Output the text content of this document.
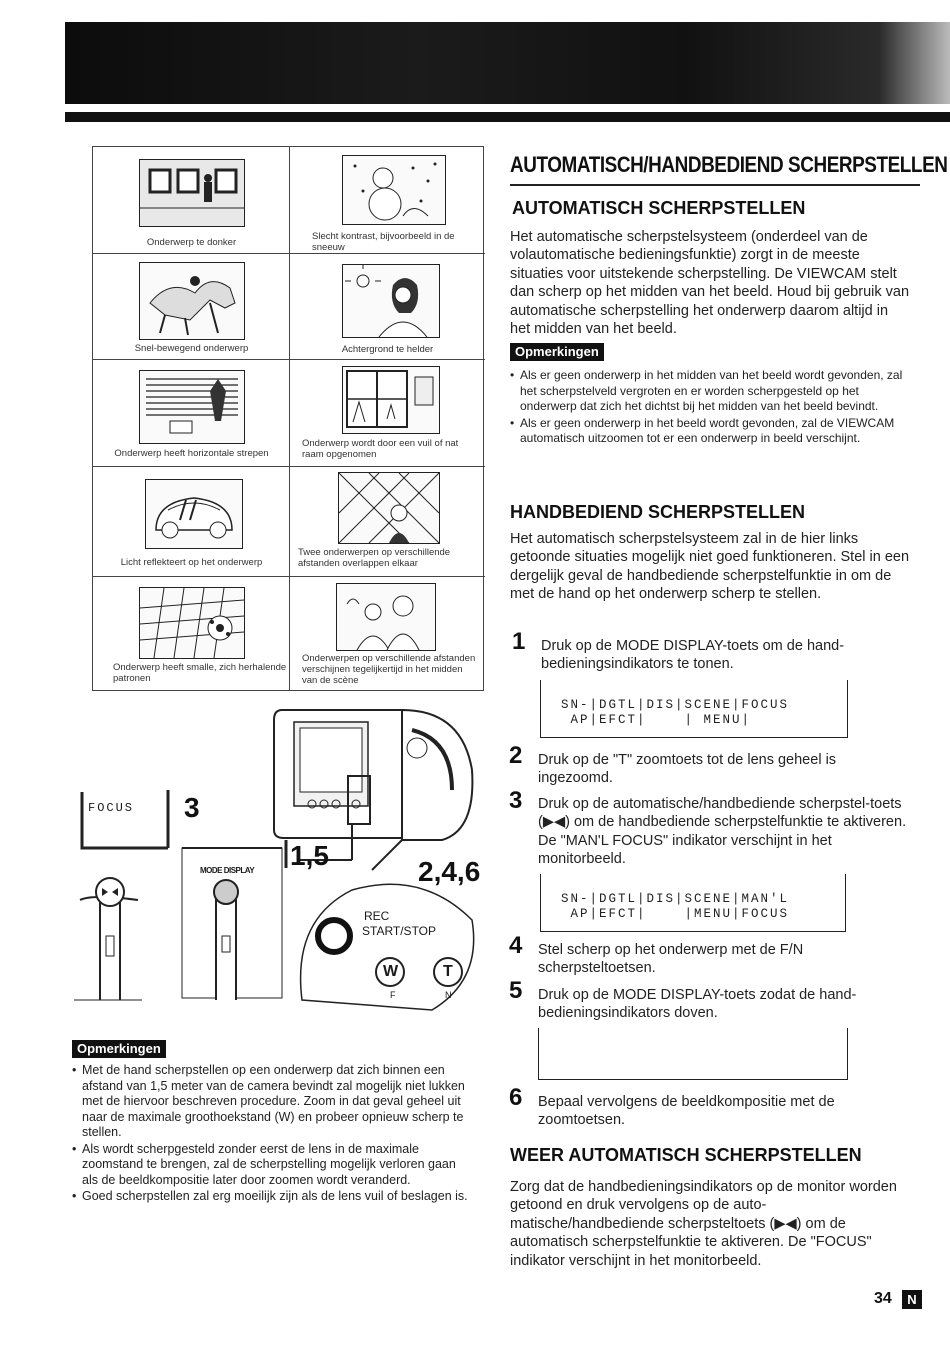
Onderwerp te donker
Slecht kontrast, bijvoorbeeld in de sneeuw
Snel-bewegend onderwerp	Achtergrond te helder
Onderwerp heeft horizontale strepen
Onderwerp wordt door een vuil of nat raam opgenomen
Licht reflekteert op het onderwerp
Twee onderwerpen op verschillende afstanden overlappen elkaar
Onderwerp heeft smalle, zich herhalende patronen
Onderwerpen op verschillende afstanden verschijnen tegelijkertijd in het midden van de scène
FOCUS 3
1,5
2,4,6
MODE DISPLAY
REC
START/STOP
W	T
F	N
Opmerkingen
• Met de hand scherpstellen op een onderwerp dat zich binnen een afstand van 1,5 meter van de camera bevindt zal mogelijk niet lukken met de hiervoor beschreven procedure. Zoom in dat geval geheel uit naar de maximale groothoekstand (W) en probeer opnieuw scherp te stellen.
• Als wordt scherpgesteld zonder eerst de lens in de maximale zoomstand te brengen, zal de scherpstelling mogelijk verloren gaan als de beeldkompositie later door zoomen wordt veranderd.
• Goed scherpstellen zal erg moeilijk zijn als de lens vuil of beslagen is.
AUTOMATISCH/HANDBEDIEND SCHERPSTELLEN
AUTOMATISCH SCHERPSTELLEN

Het automatische scherpstelsysteem (onderdeel van de volautomatische bedieningsfunktie) zorgt in de meeste situaties voor uitstekende scherpstelling. De VIEWCAM stelt dan scherp op het midden van het beeld. Houd bij gebruik van automatische scherpstelling het onderwerp daarom altijd in het midden van het beeld.

Opmerkingen
• Als er geen onderwerp in het midden van het beeld wordt gevonden, zal het scherpstelveld vergroten en er worden scherpgesteld op het onderwerp dat zich het dichtst bij het midden van het beeld bevindt.
• Als er geen onderwerp in het beeld wordt gevonden, zal de VIEWCAM automatisch uitzoomen tot er een onderwerp in beeld verschijnt.
HANDBEDIEND SCHERPSTELLEN

Het automatisch scherpstelsysteem zal in de hier links getoonde situaties mogelijk niet goed funktioneren. Stel in een dergelijk geval de handbediende scherpstelfunktie in om de met de hand op het onderwerp scherp te stellen.

1 Druk op de MODE DISPLAY-toets om de hand-bedieningsindikators te tonen.

SN-|DGTL|DIS|SCENE|FOCUS
AP|EFCT|    | MENU|
2 Druk op de "T" zoomtoets tot de lens geheel is ingezoomd.

3 Druk op de automatische/handbediende scherpstel-toets (▶◀) om de handbediende scherpstelfunktie te aktiveren. De "MAN'L FOCUS" indikator verschijnt in het monitorbeeld.

SN-|DGTL|DIS|SCENE|MAN'L
AP|EFCT|    |MENU|FOCUS
4 Stel scherp op het onderwerp met de F/N scherpsteltoetsen.

5 Druk op de MODE DISPLAY-toets zodat de hand-bedieningsindikators doven.

6 Bepaal vervolgens de beeldkompositie met de zoomtoetsen.

WEER AUTOMATISCH SCHERPSTELLEN

Zorg dat de handbedieningsindikators op de monitor worden getoond en druk vervolgens op de auto-matische/handbediende scherpsteltoets (▶◀) om de automatisch scherpstelfunktie te aktiveren. De "FOCUS" indikator verschijnt in het monitorbeeld.

34	N
